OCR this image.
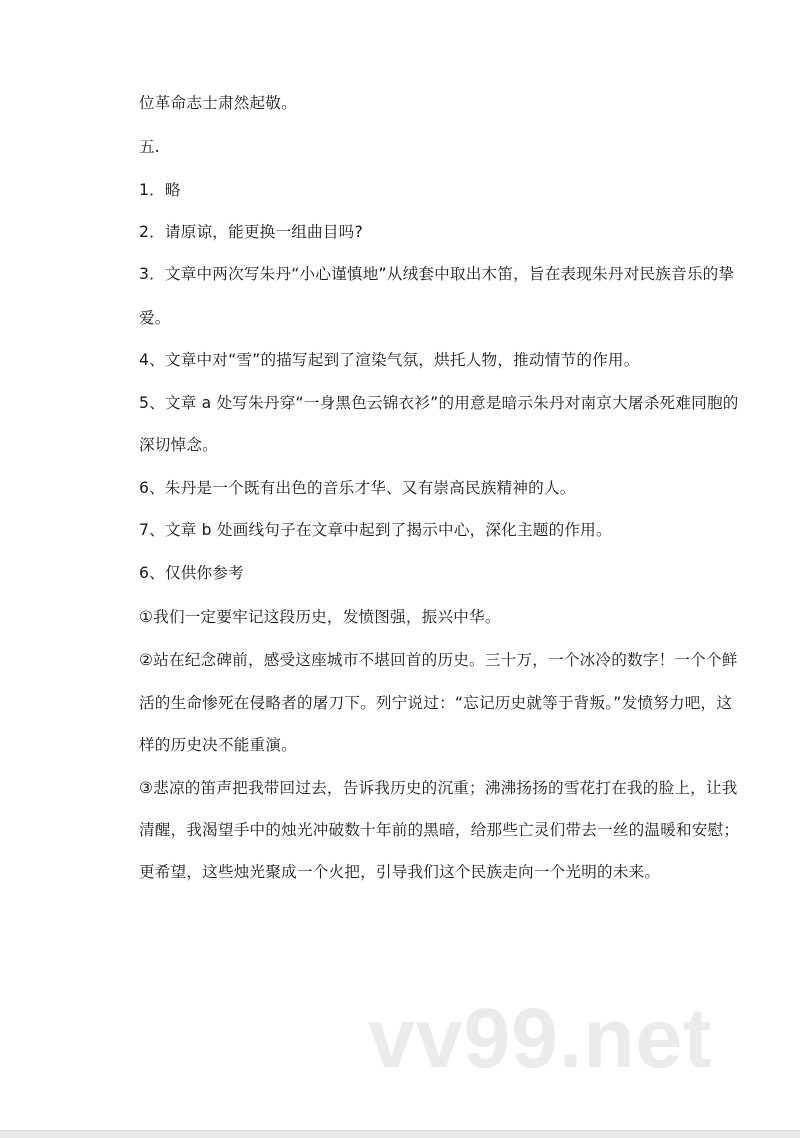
位革命志士肃然起敬。
五.
1．略
2．请原谅，能更换一组曲目吗?
3．文章中两次写朱丹“小心谨慎地”从绒套中取出木笛，旨在表现朱丹对民族音乐的挚
爱。
4、文章中对“雪”的描写起到了渲染气氛，烘托人物，推动情节的作用。
5、文章 a 处写朱丹穿“一身黑色云锦衣衫”的用意是暗示朱丹对南京大屠杀死难同胞的
深切悼念。
6、朱丹是一个既有出色的音乐才华、又有崇高民族精神的人。
7、文章 b 处画线句子在文章中起到了揭示中心，深化主题的作用。
6、仅供你参考
①我们一定要牢记这段历史，发愤图强，振兴中华。
②站在纪念碑前，感受这座城市不堪回首的历史。三十万，一个冰冷的数字！一个个鲜
活的生命惨死在侵略者的屠刀下。列宁说过：“忘记历史就等于背叛。”发愤努力吧，这
样的历史决不能重演。
③悲凉的笛声把我带回过去，告诉我历史的沉重；沸沸扬扬的雪花打在我的脸上，让我
清醒，我渴望手中的烛光冲破数十年前的黑暗，给那些亡灵们带去一丝的温暖和安慰；
更希望，这些烛光聚成一个火把，引导我们这个民族走向一个光明的未来。
vv99.net
